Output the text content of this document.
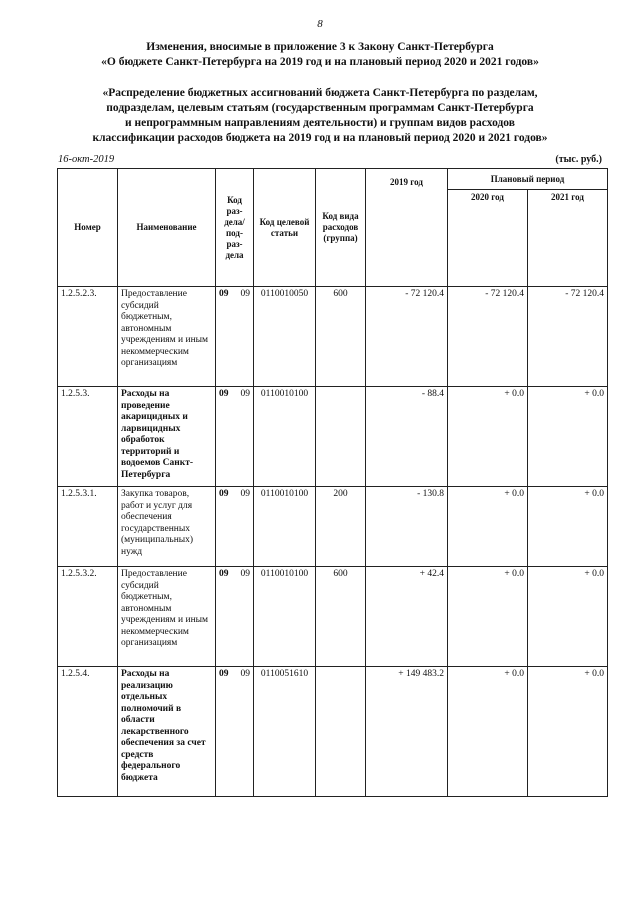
8
Изменения, вносимые в приложение 3 к Закону Санкт-Петербурга
«О бюджете Санкт-Петербурга на 2019 год и на плановый период 2020 и 2021 годов»
«Распределение бюджетных ассигнований бюджета Санкт-Петербурга по разделам,
подразделам, целевым статьям (государственным программам Санкт-Петербурга
и непрограммным направлениям деятельности) и группам видов расходов
классификации расходов бюджета на 2019 год и на плановый период 2020 и 2021 годов»
16-окт-2019	(тыс. руб.)
Номер	Наименование	Код раз-дела/ под-раз-дела	Код целевой статьи	Код вида расходов (группа)	2019 год	Плановый период	
						2020 год	2021 год
1.2.5.2.3.	Предоставление субсидий бюджетным, автономным учреждениям и иным некоммерческим организациям	09 09	0110010050	600	- 72 120.4	- 72 120.4	- 72 120.4
1.2.5.3.	Расходы на проведение акарицидных и ларвицидных обработок территорий и водоемов Санкт-Петербурга	09 09	0110010100		- 88.4	+ 0.0	+ 0.0
1.2.5.3.1.	Закупка товаров, работ и услуг для обеспечения государственных (муниципальных) нужд	09 09	0110010100	200	- 130.8	+ 0.0	+ 0.0
1.2.5.3.2.	Предоставление субсидий бюджетным, автономным учреждениям и иным некоммерческим организациям	09 09	0110010100	600	+ 42.4	+ 0.0	+ 0.0
1.2.5.4.	Расходы на реализацию отдельных полномочий в области лекарственного обеспечения за счет средств федерального бюджета	09 09	0110051610		+ 149 483.2	+ 0.0	+ 0.0
